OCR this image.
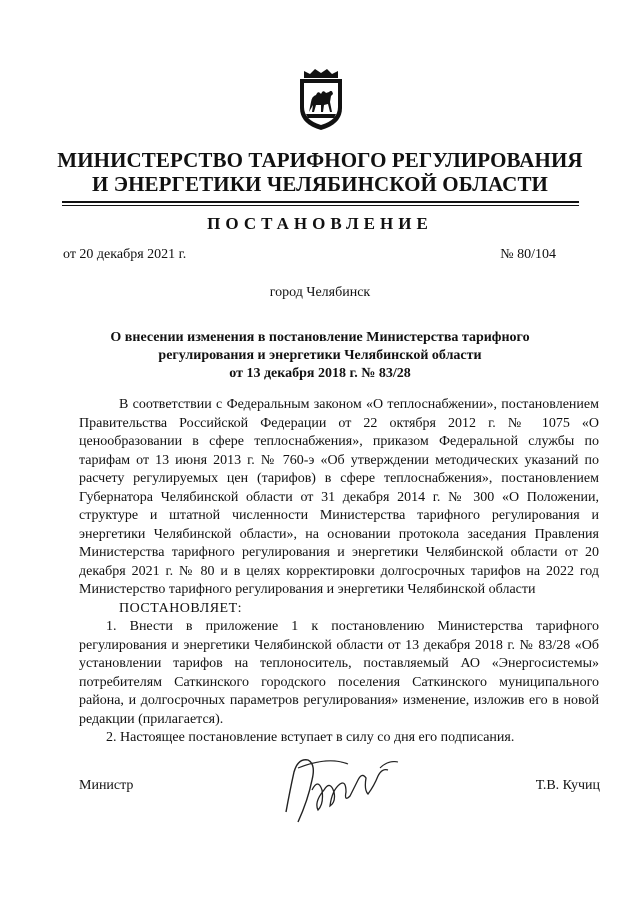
МИНИСТЕРСТВО ТАРИФНОГО РЕГУЛИРОВАНИЯ
И ЭНЕРГЕТИКИ ЧЕЛЯБИНСКОЙ ОБЛАСТИ
ПОСТАНОВЛЕНИЕ
от 20 декабря 2021 г.	№ 80/104
город Челябинск
О внесении изменения в постановление Министерства тарифного
регулирования и энергетики Челябинской области
от 13 декабря 2018 г. № 83/28

В соответствии с Федеральным законом «О теплоснабжении», постановлением Правительства Российской Федерации от 22 октября 2012 г. № 1075 «О ценообразовании в сфере теплоснабжения», приказом Федеральной службы по тарифам от 13 июня 2013 г. № 760-э «Об утверждении методических указаний по расчету регулируемых цен (тарифов) в сфере теплоснабжения», постановлением Губернатора Челябинской области от 31 декабря 2014 г. № 300 «О Положении, структуре и штатной численности Министерства тарифного регулирования и энергетики Челябинской области», на основании протокола заседания Правления Министерства тарифного регулирования и энергетики Челябинской области от 20 декабря 2021 г. № 80 и в целях корректировки долгосрочных тарифов на 2022 год Министерство тарифного регулирования и энергетики Челябинской области

ПОСТАНОВЛЯЕТ:

1. Внести в приложение 1 к постановлению Министерства тарифного регулирования и энергетики Челябинской области от 13 декабря 2018 г. № 83/28 «Об установлении тарифов на теплоноситель, поставляемый АО «Энергосистемы» потребителям Саткинского городского поселения Саткинского муниципального района, и долгосрочных параметров регулирования» изменение, изложив его в новой редакции (прилагается).

2. Настоящее постановление вступает в силу со дня его подписания.

Министр	Т.В. Кучиц
